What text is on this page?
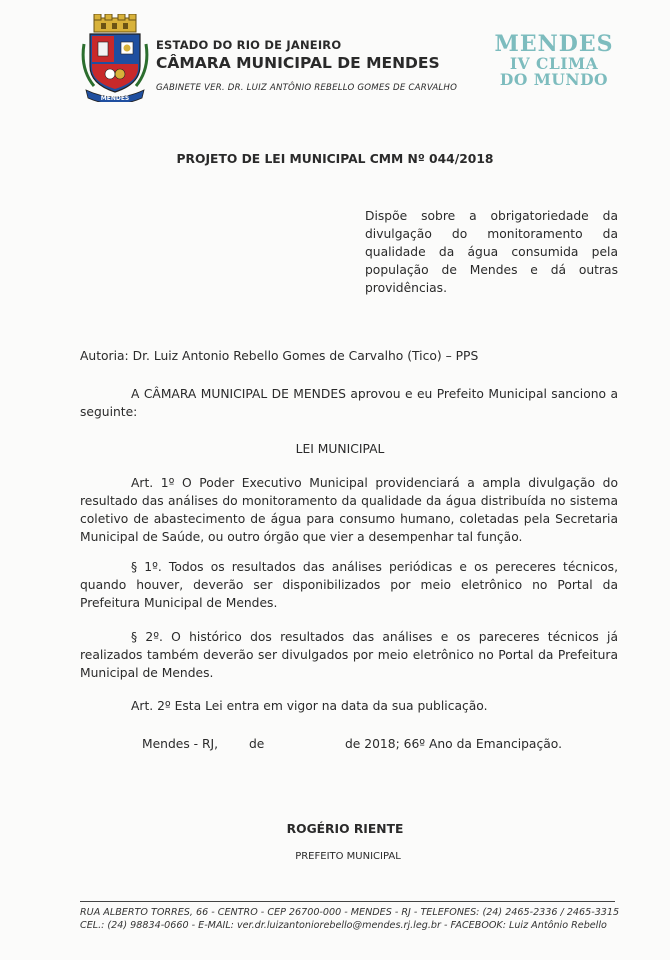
MENDES
ESTADO DO RIO DE JANEIRO
CÂMARA MUNICIPAL DE MENDES
GABINETE VER. DR. LUIZ ANTÔNIO REBELLO GOMES DE CARVALHO
MENDES
IV CLIMA
DO MUNDO
PROJETO DE LEI MUNICIPAL CMM Nº 044/2018

Dispõe sobre a obrigatoriedade da divulgação do monitoramento da qualidade da água consumida pela população de Mendes e dá outras providências.

Autoria: Dr. Luiz Antonio Rebello Gomes de Carvalho (Tico) – PPS

A CÂMARA MUNICIPAL DE MENDES aprovou e eu Prefeito Municipal sanciono a seguinte:

LEI MUNICIPAL

Art. 1º O Poder Executivo Municipal providenciará a ampla divulgação do resultado das análises do monitoramento da qualidade da água distribuída no sistema coletivo de abastecimento de água para consumo humano, coletadas pela Secretaria Municipal de Saúde, ou outro órgão que vier a desempenhar tal função.

§ 1º. Todos os resultados das análises periódicas e os pereceres técnicos, quando houver, deverão ser disponibilizados por meio eletrônico no Portal da Prefeitura Municipal de Mendes.

§ 2º. O histórico dos resultados das análises e os pareceres técnicos já realizados também deverão ser divulgados por meio eletrônico no Portal da Prefeitura Municipal de Mendes.

Art. 2º Esta Lei entra em vigor na data da sua publicação.

Mendes - RJ,	de	de 2018; 66º Ano da Emancipação.
ROGÉRIO RIENTE
PREFEITO MUNICIPAL
RUA ALBERTO TORRES, 66 - CENTRO - CEP 26700-000 - MENDES - RJ - TELEFONES: (24) 2465-2336 / 2465-3315
CEL.: (24) 98834-0660 - E-MAIL: ver.dr.luizantoniorebello@mendes.rj.leg.br - FACEBOOK: Luiz Antônio Rebello
